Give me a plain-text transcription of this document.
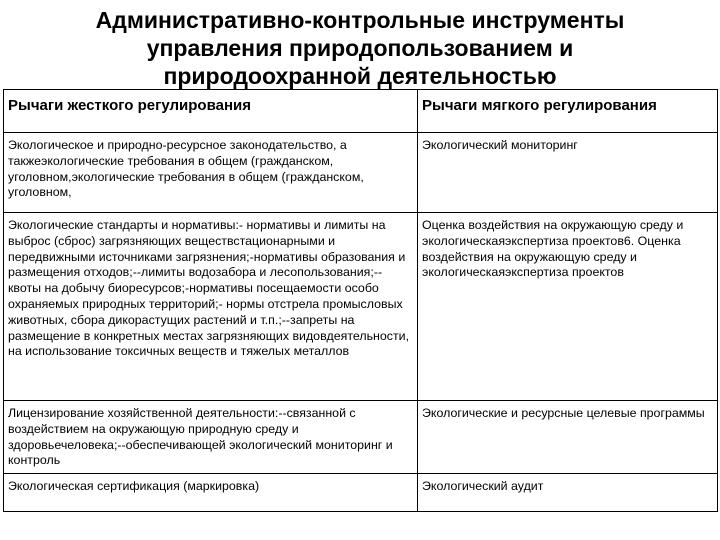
Административно-контрольные инструменты
управления природопользованием и
природоохранной деятельностью
Рычаги жесткого регулирования	Рычаги мягкого регулирования
Экологическое и природно-ресурсное законодательство, а такжеэкологические требования в общем (гражданском, уголовном,экологические требования в общем (гражданском, уголовном,	Экологический мониторинг
Экологические стандарты и нормативы:- нормативы и лимиты на выброс (сброс) загрязняющих веществстационарными и передвижными источниками загрязнения;-нормативы образования и размещения отходов;--лимиты водозабора и лесопользования;--квоты на добычу биоресурсов;-нормативы посещаемости особо охраняемых природных территорий;- нормы отстрела промысловых животных, сбора дикорастущих растений и т.п.;--запреты на размещение в конкретных местах загрязняющих видовдеятельности, на использование токсичных веществ и тяжелых металлов	Оценка воздействия на окружающую среду и экологическаяэкспертиза проектов6. Оценка воздействия на окружающую среду и экологическаяэкспертиза проектов
Лицензирование хозяйственной деятельности:--связанной с воздействием на окружающую природную среду и здоровьечеловека;--обеспечивающей экологический мониторинг и контроль	Экологические и ресурсные целевые программы
Экологическая сертификация (маркировка)	Экологический аудит
